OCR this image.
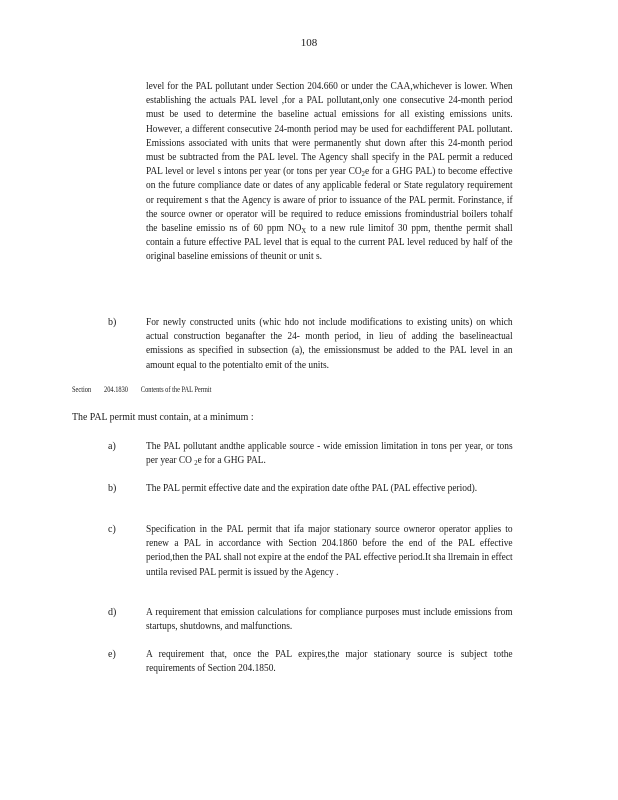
108
level for the PAL pollutant under Section 204.660 or under the CAA,whichever is lower. When establishing the actuals PAL level ,for a PAL pollutant,only one consecutive 24-month period must be used to determine the baseline actual emissions for all existing emissions units. However, a different consecutive 24-month period may be used for eachdifferent PAL pollutant. Emissions associated with units that were permanently shut down after this 24-month period must be subtracted from the PAL level. The Agency shall specify in the PAL permit a reduced PAL level or level s intons per year (or tons per year $CO_2e$ for a GHG PAL) to become effective on the future compliance date or dates of any applicable federal or State regulatory requirement or requirement s that the Agency is aware of prior to issuance of the PAL permit. Forinstance, if the source owner or operator will be required to reduce emissions fromindustrial boilers tohalf the baseline emissio ns of 60 ppm $NO_X$ to a new rule limitof 30 ppm, thenthe permit shall contain a future effective PAL level that is equal to the current PAL level reduced by half of the original baseline emissions of theunit or unit s.
b)	For newly constructed units (whic hdo not include modifications to existing units) on which actual construction beganafter the 24- month period, in lieu of adding the baselineactual emissions as specified in subsection (a), the emissionsmust be added to the PAL level in an amount equal to the potentialto emit of the units.
Section 204.1830 Contents of the PAL Permit
The PAL permit must contain, at a minimum :
a)	The PAL pollutant andthe applicable source - wide emission limitation in tons per year, or tons per year CO $_2$e for a GHG PAL.
b)	The PAL permit effective date and the expiration date ofthe PAL (PAL effective period).
c)	Specification in the PAL permit that ifa major stationary source owneror operator applies to renew a PAL in accordance with Section 204.1860 before the end of the PAL effective period,then the PAL shall not expire at the endof the PAL effective period.It sha llremain in effect untila revised PAL permit is issued by the Agency .
d)	A requirement that emission calculations for compliance purposes must include emissions from startups, shutdowns, and malfunctions.
e)	A requirement that, once the PAL expires,the major stationary source is subject tothe requirements of Section 204.1850.
